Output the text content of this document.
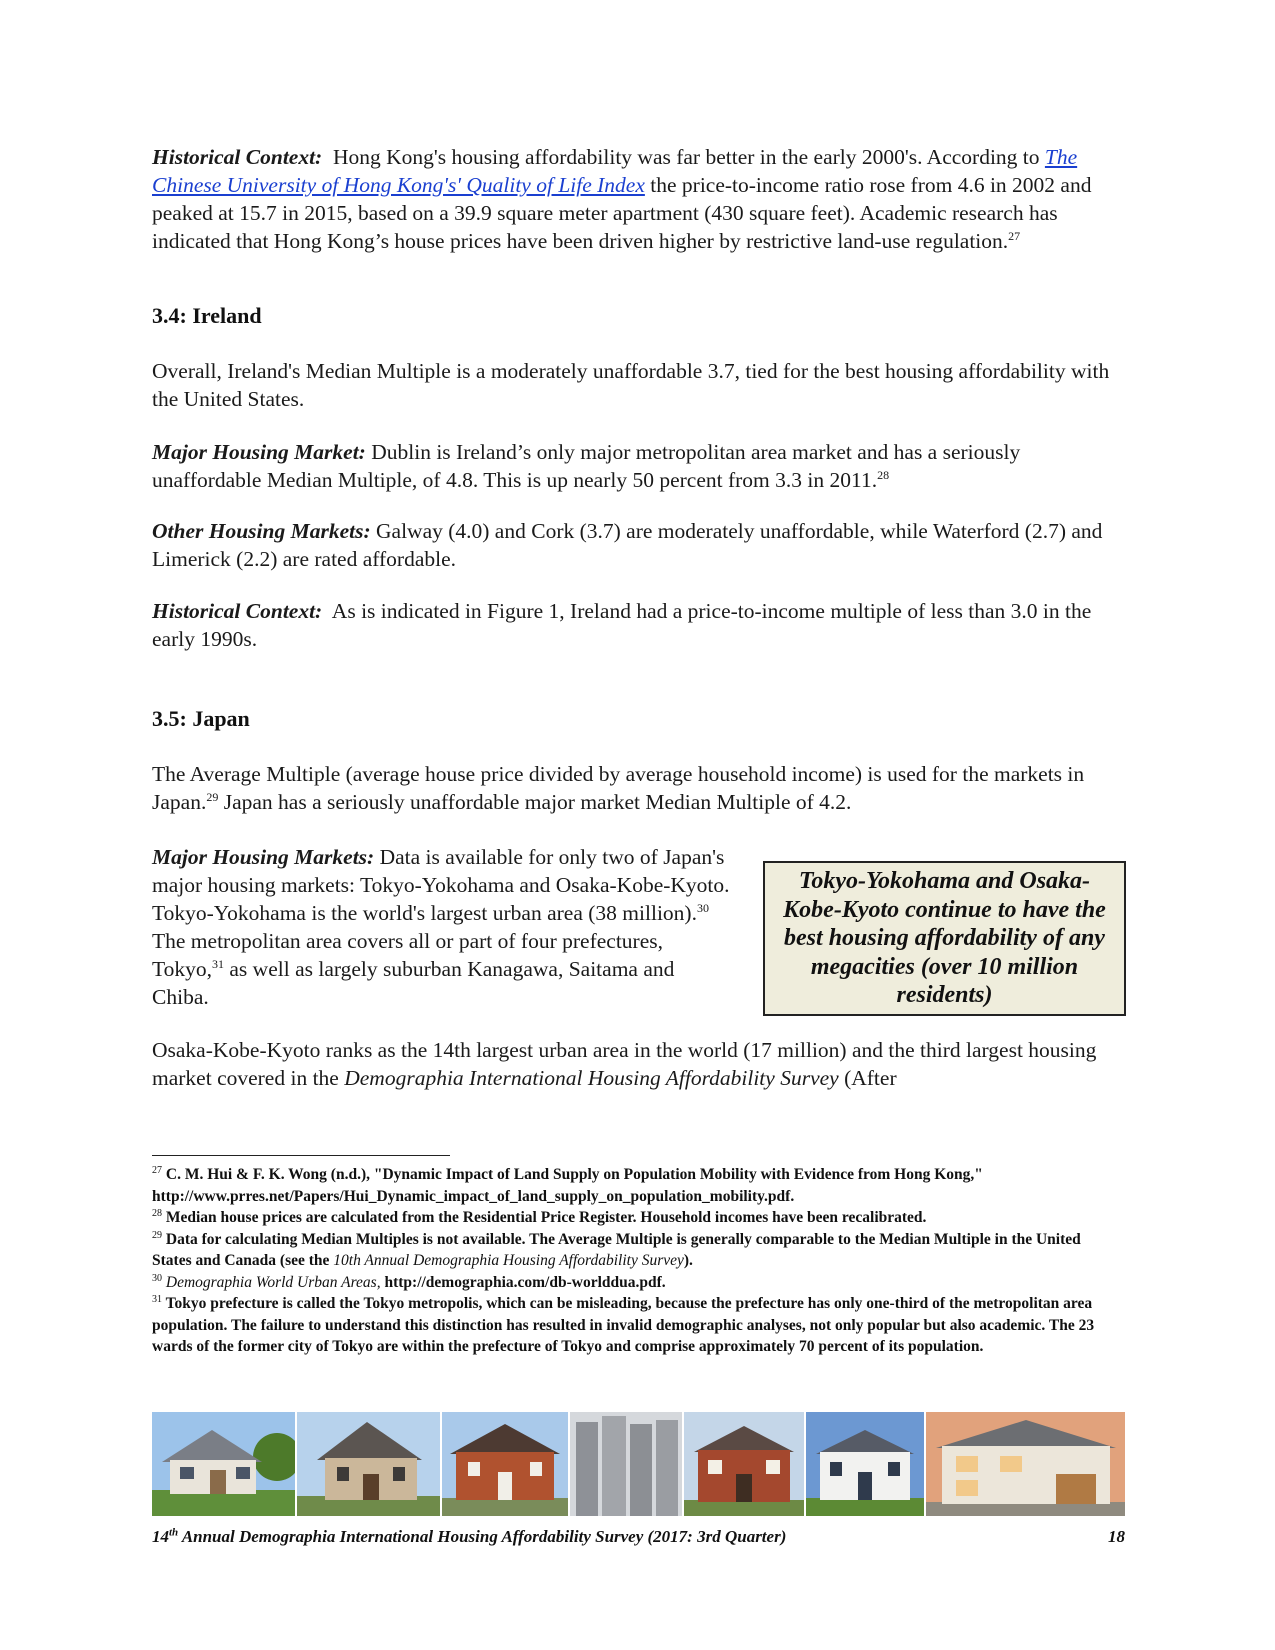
Historical Context: Hong Kong's housing affordability was far better in the early 2000's. According to The Chinese University of Hong Kong's' Quality of Life Index the price-to-income ratio rose from 4.6 in 2002 and peaked at 15.7 in 2015, based on a 39.9 square meter apartment (430 square feet). Academic research has indicated that Hong Kong’s house prices have been driven higher by restrictive land-use regulation.$^{27}$

3.4: Ireland

Overall, Ireland's Median Multiple is a moderately unaffordable 3.7, tied for the best housing affordability with the United States.

Major Housing Market: Dublin is Ireland’s only major metropolitan area market and has a seriously unaffordable Median Multiple, of 4.8. This is up nearly 50 percent from 3.3 in 2011.28

Other Housing Markets: Galway (4.0) and Cork (3.7) are moderately unaffordable, while Waterford (2.7) and Limerick (2.2) are rated affordable.

Historical Context: As is indicated in Figure 1, Ireland had a price-to-income multiple of less than 3.0 in the early 1990s.

3.5: Japan

The Average Multiple (average house price divided by average household income) is used for the markets in Japan.$^{29}$ Japan has a seriously unaffordable major market Median Multiple of 4.2.

Major Housing Markets: Data is available for only two of Japan's major housing markets: Tokyo-Yokohama and Osaka-Kobe-Kyoto. Tokyo-Yokohama is the world's largest urban area (38 million).$^{30}$ The metropolitan area covers all or part of four prefectures, Tokyo,$^{31}$ as well as largely suburban Kanagawa, Saitama and Chiba.

Tokyo-Yokohama and Osaka-Kobe-Kyoto continue to have the best housing affordability of any megacities (over 10 million residents)

Osaka-Kobe-Kyoto ranks as the 14th largest urban area in the world (17 million) and the third largest housing market covered in the Demographia International Housing Affordability Survey (After

$^{27}$ C. M. Hui & F. K. Wong (n.d.), "Dynamic Impact of Land Supply on Population Mobility with Evidence from Hong Kong," http://www.prres.net/Papers/Hui_Dynamic_impact_of_land_supply_on_population_mobility.pdf.

$^{28}$ Median house prices are calculated from the Residential Price Register. Household incomes have been recalibrated.

$^{29}$ Data for calculating Median Multiples is not available. The Average Multiple is generally comparable to the Median Multiple in the United States and Canada (see the 10th Annual Demographia Housing Affordability Survey).

$^{30}$ Demographia World Urban Areas, http://demographia.com/db-worlddua.pdf.

$^{31}$ Tokyo prefecture is called the Tokyo metropolis, which can be misleading, because the prefecture has only one-third of the metropolitan area population. The failure to understand this distinction has resulted in invalid demographic analyses, not only popular but also academic. The 23 wards of the former city of Tokyo are within the prefecture of Tokyo and comprise approximately 70 percent of its population.

14th Annual Demographia International Housing Affordability Survey (2017: 3rd Quarter)	18
